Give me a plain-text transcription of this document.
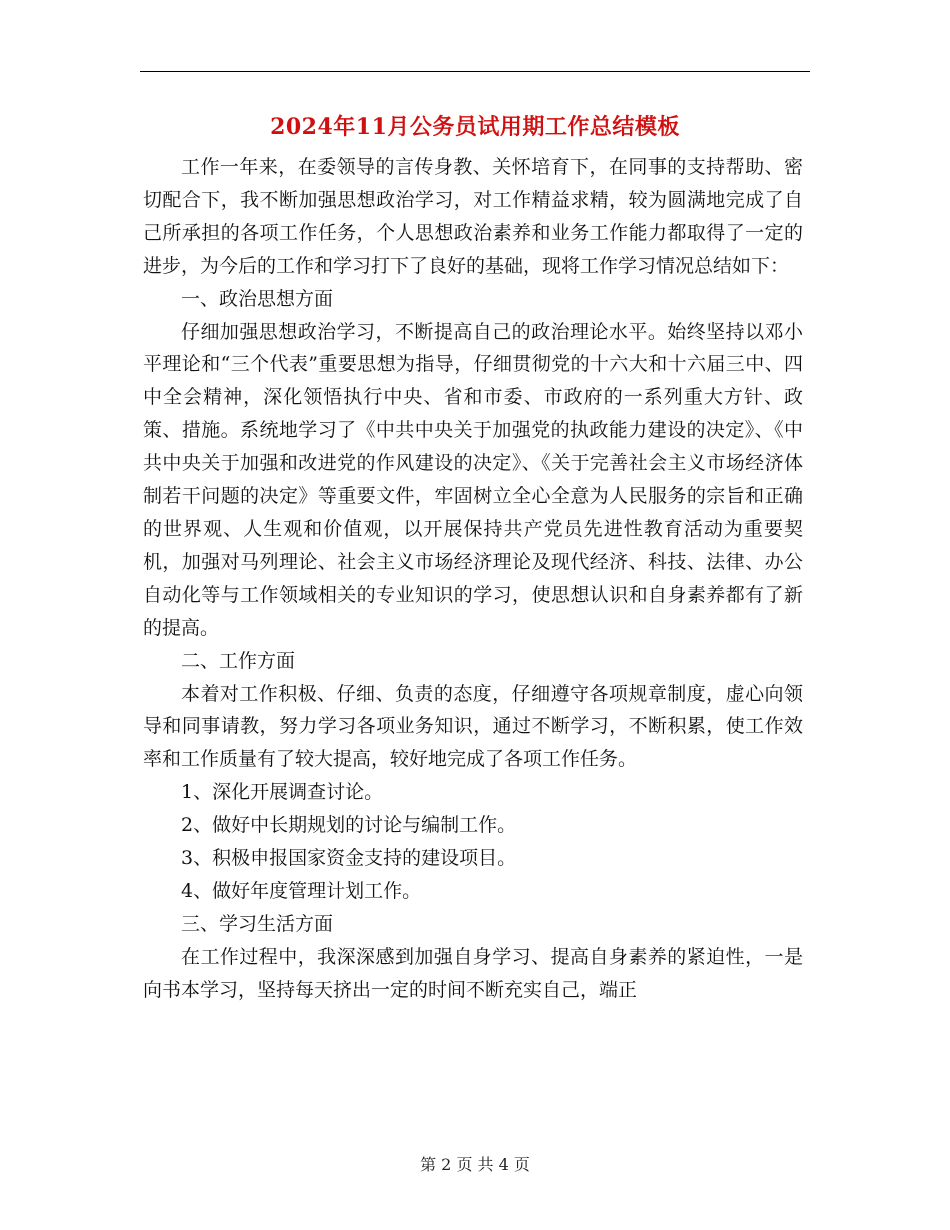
2024年11月公务员试用期工作总结模板

工作一年来，在委领导的言传身教、关怀培育下，在同事的支持帮助、密切配合下，我不断加强思想政治学习，对工作精益求精，较为圆满地完成了自己所承担的各项工作任务，个人思想政治素养和业务工作能力都取得了一定的进步，为今后的工作和学习打下了良好的基础，现将工作学习情况总结如下：

一、政治思想方面

仔细加强思想政治学习，不断提高自己的政治理论水平。始终坚持以邓小平理论和“三个代表”重要思想为指导，仔细贯彻党的十六大和十六届三中、四中全会精神，深化领悟执行中央、省和市委、市政府的一系列重大方针、政策、措施。系统地学习了《中共中央关于加强党的执政能力建设的决定》、《中共中央关于加强和改进党的作风建设的决定》、《关于完善社会主义市场经济体制若干问题的决定》等重要文件，牢固树立全心全意为人民服务的宗旨和正确的世界观、人生观和价值观，以开展保持共产党员先进性教育活动为重要契机，加强对马列理论、社会主义市场经济理论及现代经济、科技、法律、办公自动化等与工作领域相关的专业知识的学习，使思想认识和自身素养都有了新的提高。

二、工作方面

本着对工作积极、仔细、负责的态度，仔细遵守各项规章制度，虚心向领导和同事请教，努力学习各项业务知识，通过不断学习，不断积累，使工作效率和工作质量有了较大提高，较好地完成了各项工作任务。

1、深化开展调查讨论。

2、做好中长期规划的讨论与编制工作。

3、积极申报国家资金支持的建设项目。

4、做好年度管理计划工作。

三、学习生活方面

在工作过程中，我深深感到加强自身学习、提高自身素养的紧迫性，一是向书本学习，坚持每天挤出一定的时间不断充实自己，端正

第 2 页 共 4 页
